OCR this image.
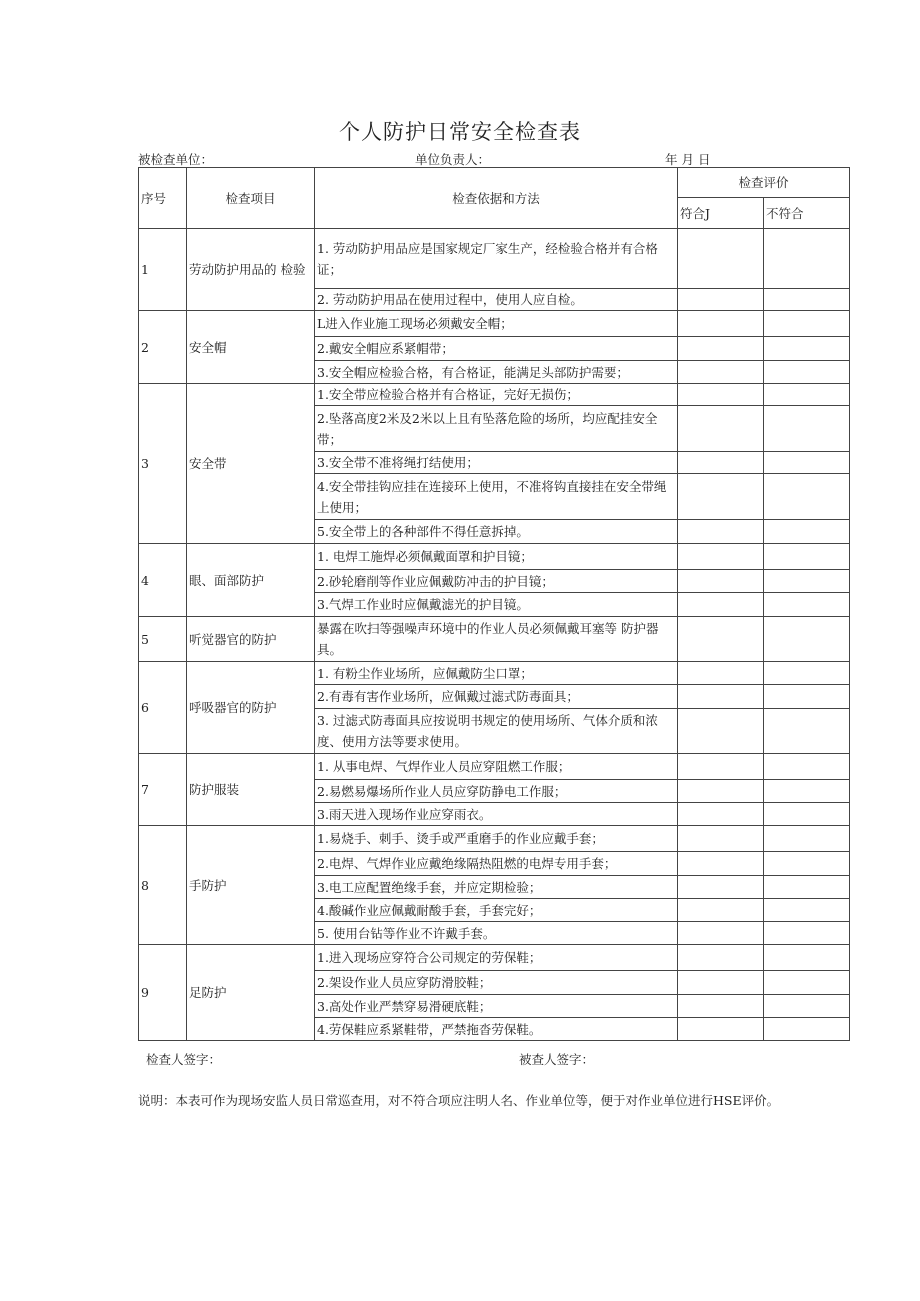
个人防护日常安全检查表
被检查单位：	单位负责人：	年 月 日
序号	检查项目	检查依据和方法	检查评价	
			符合J	不符合
1	劳动防护用品的 检验	1. 劳动防护用品应是国家规定厂家生产，经检验合格并有合格证；		
		2. 劳动防护用品在使用过程中，使用人应自检。		
2	安全帽	L进入作业施工现场必须戴安全帽；		
		2.戴安全帽应系紧帽带；		
		3.安全帽应检验合格，有合格证，能满足头部防护需要；		
3	安全带	1.安全带应检验合格并有合格证，完好无损伤；		
		2.坠落高度2米及2米以上且有坠落危险的场所，均应配挂安全带；		
		3.安全带不准将绳打结使用；		
		4.安全带挂钩应挂在连接环上使用，不准将钩直接挂在安全带绳上使用；		
		5.安全带上的各种部件不得任意拆掉。		
4	眼、面部防护	1. 电焊工施焊必须佩戴面罩和护目镜；		
		2.砂轮磨削等作业应佩戴防冲击的护目镜；		
		3.气焊工作业时应佩戴滤光的护目镜。		
5	听觉器官的防护	暴露在吹扫等强噪声环境中的作业人员必须佩戴耳塞等 防护器具。		
6	呼吸器官的防护	1. 有粉尘作业场所，应佩戴防尘口罩；		
		2.有毒有害作业场所，应佩戴过滤式防毒面具；		
		3. 过滤式防毒面具应按说明书规定的使用场所、气体介质和浓度、使用方法等要求使用。		
7	防护服装	1. 从事电焊、气焊作业人员应穿阻燃工作服；		
		2.易燃易爆场所作业人员应穿防静电工作服；		
		3.雨天进入现场作业应穿雨衣。		
8	手防护	1.易烧手、刺手、烫手或严重磨手的作业应戴手套；		
		2.电焊、气焊作业应戴绝缘隔热阻燃的电焊专用手套；		
		3.电工应配置绝缘手套，并应定期检验；		
		4.酸碱作业应佩戴耐酸手套，手套完好；		
		5. 使用台钻等作业不许戴手套。		
9	足防护	1.进入现场应穿符合公司规定的劳保鞋；		
		2.架设作业人员应穿防滑胶鞋；		
		3.高处作业严禁穿易滑硬底鞋；		
		4.劳保鞋应系紧鞋带，严禁拖沓劳保鞋。		
检查人签字：	被查人签字：
说明：本表可作为现场安监人员日常巡查用，对不符合项应注明人名、作业单位等，便于对作业单位进行HSE评价。
